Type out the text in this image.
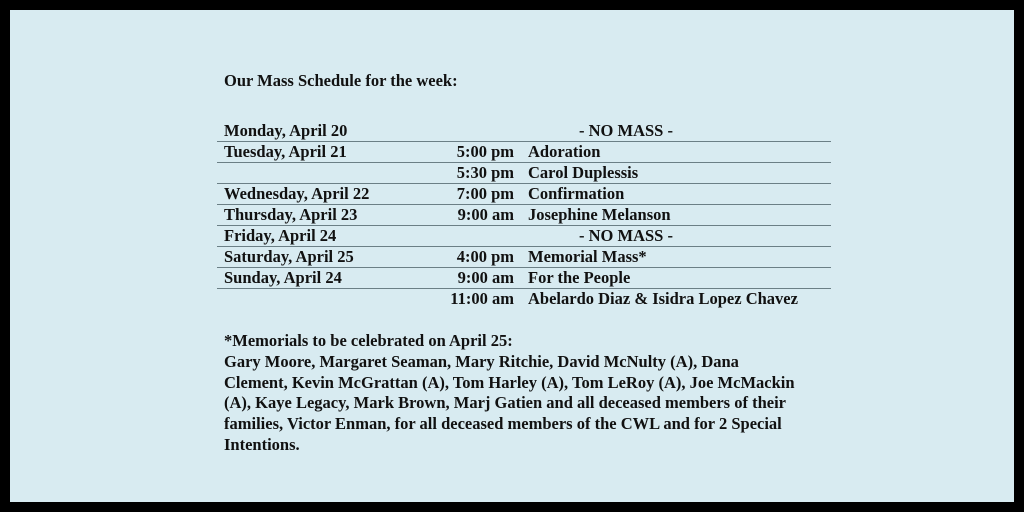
Our Mass Schedule for the week:
Monday, April 20	- NO MASS -
Tuesday, April 21	5:00 pm Adoration
5:30 pm Carol Duplessis
Wednesday, April 22	7:00 pm Confirmation
Thursday, April 23	9:00 am Josephine Melanson
Friday, April 24	- NO MASS -
Saturday, April 25	4:00 pm Memorial Mass*
Sunday, April 24	9:00 am For the People
11:00 am Abelardo Diaz & Isidra Lopez Chavez
*Memorials to be celebrated on April 25:
Gary Moore, Margaret Seaman, Mary Ritchie, David McNulty (A), Dana Clement, Kevin McGrattan (A), Tom Harley (A), Tom LeRoy (A), Joe McMackin (A), Kaye Legacy, Mark Brown, Marj Gatien and all deceased members of their families, Victor Enman, for all deceased members of the CWL and for 2 Special Intentions.
